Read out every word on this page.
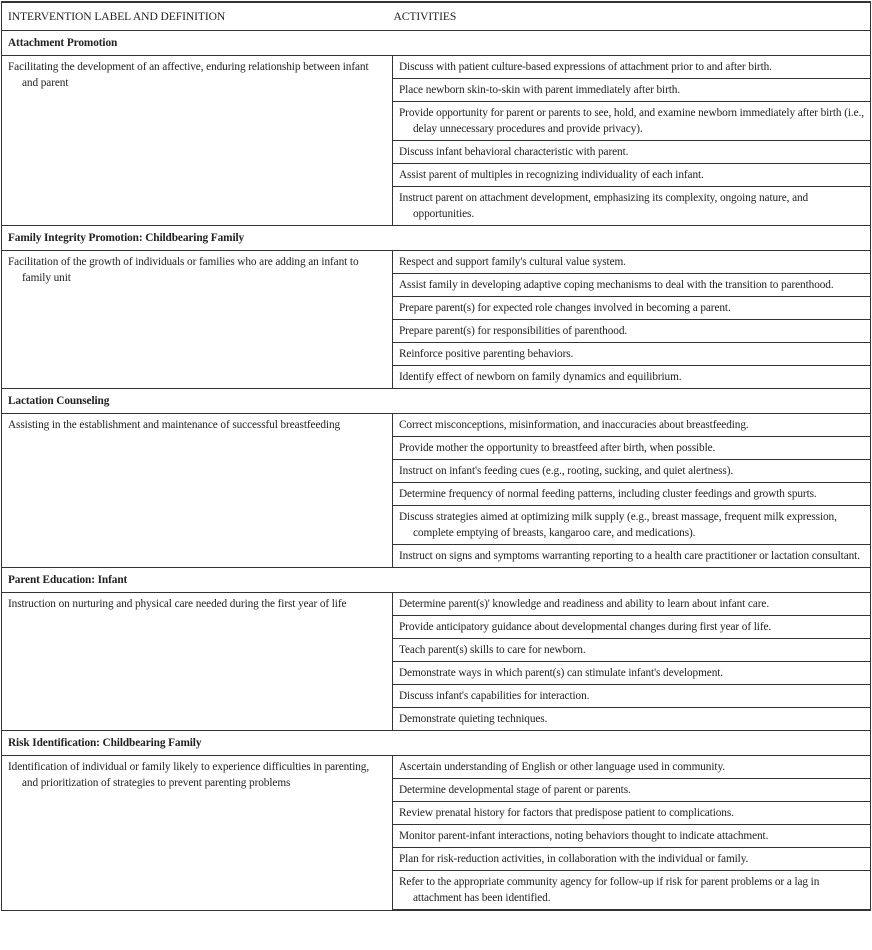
INTERVENTION LABEL AND DEFINITION	ACTIVITIES
Attachment Promotion	
Facilitating the development of an affective, enduring relationship between infant and parent	Discuss with patient culture-based expressions of attachment prior to and after birth.
	Place newborn skin-to-skin with parent immediately after birth.
	Provide opportunity for parent or parents to see, hold, and examine newborn immediately after birth (i.e., delay unnecessary procedures and provide privacy).
	Discuss infant behavioral characteristic with parent.
	Assist parent of multiples in recognizing individuality of each infant.
	Instruct parent on attachment development, emphasizing its complexity, ongoing nature, and opportunities.
Family Integrity Promotion: Childbearing Family	
Facilitation of the growth of individuals or families who are adding an infant to family unit	Respect and support family's cultural value system.
	Assist family in developing adaptive coping mechanisms to deal with the transition to parenthood.
	Prepare parent(s) for expected role changes involved in becoming a parent.
	Prepare parent(s) for responsibilities of parenthood.
	Reinforce positive parenting behaviors.
	Identify effect of newborn on family dynamics and equilibrium.
Lactation Counseling	
Assisting in the establishment and maintenance of successful breastfeeding	Correct misconceptions, misinformation, and inaccuracies about breastfeeding.
	Provide mother the opportunity to breastfeed after birth, when possible.
	Instruct on infant's feeding cues (e.g., rooting, sucking, and quiet alertness).
	Determine frequency of normal feeding patterns, including cluster feedings and growth spurts.
	Discuss strategies aimed at optimizing milk supply (e.g., breast massage, frequent milk expression, complete emptying of breasts, kangaroo care, and medications).
	Instruct on signs and symptoms warranting reporting to a health care practitioner or lactation consultant.
Parent Education: Infant	
Instruction on nurturing and physical care needed during the first year of life	Determine parent(s)' knowledge and readiness and ability to learn about infant care.
	Provide anticipatory guidance about developmental changes during first year of life.
	Teach parent(s) skills to care for newborn.
	Demonstrate ways in which parent(s) can stimulate infant's development.
	Discuss infant's capabilities for interaction.
	Demonstrate quieting techniques.
Risk Identification: Childbearing Family	
Identification of individual or family likely to experience difficulties in parenting, and prioritization of strategies to prevent parenting problems	Ascertain understanding of English or other language used in community.
	Determine developmental stage of parent or parents.
	Review prenatal history for factors that predispose patient to complications.
	Monitor parent-infant interactions, noting behaviors thought to indicate attachment.
	Plan for risk-reduction activities, in collaboration with the individual or family.
	Refer to the appropriate community agency for follow-up if risk for parent problems or a lag in attachment has been identified.
